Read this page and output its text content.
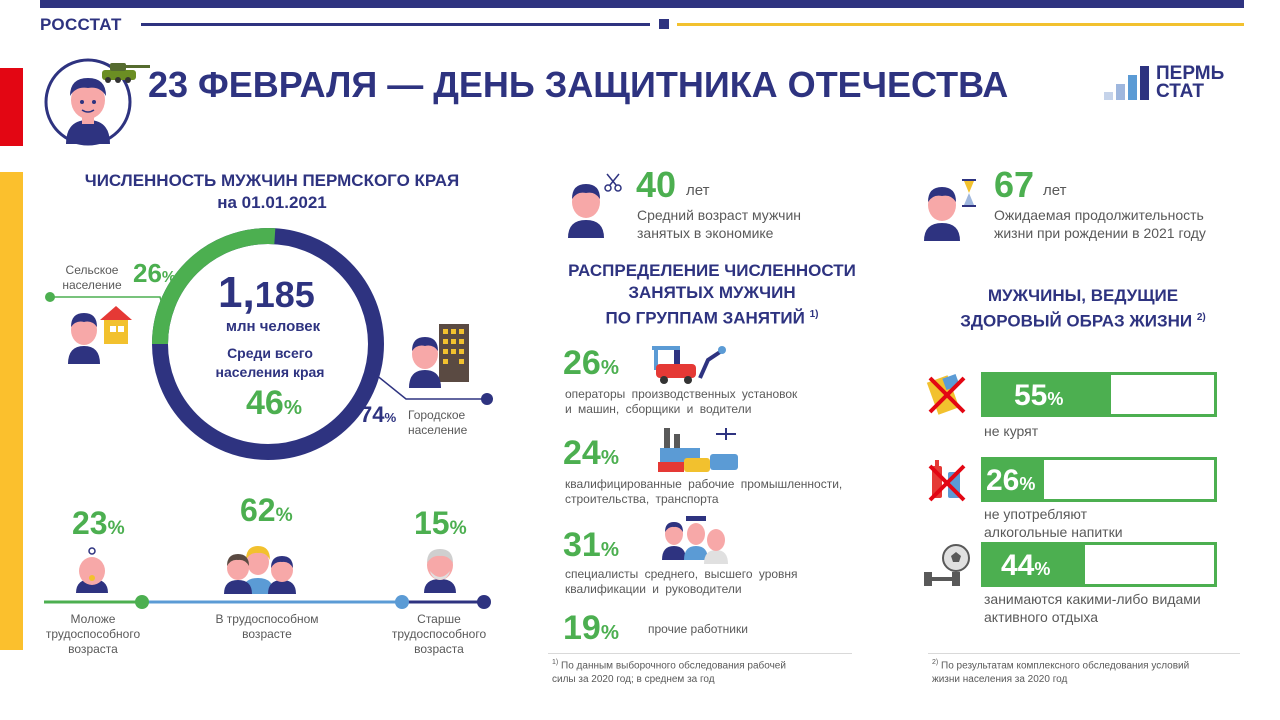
РОССТАТ
23 ФЕВРАЛЯ — ДЕНЬ ЗАЩИТНИКА ОТЕЧЕСТВА	ПЕРМЬ
СТАТ
ЧИСЛЕННОСТЬ МУЖЧИН ПЕРМСКОГО КРАЯ
на 01.01.2021
1,185
млн человек
Среди всего
населения края
46%
Сельское
население 26%
74% Городское
население
23%
62%	15%
Моложе
трудоспособного
возраста
В трудоспособном
возрасте
Старше
трудоспособного
возраста
40 лет
Средний возраст мужчин
занятых в экономике
67 лет
Ожидаемая продолжительность
жизни при рождении в 2021 году
РАСПРЕДЕЛЕНИЕ ЧИСЛЕННОСТИ
ЗАНЯТЫХ МУЖЧИН
ПО ГРУППАМ ЗАНЯТИЙ $^{1)}$
26%
операторы производственных установок
и машин, сборщики и водители
24%
квалифицированные рабочие промышленности,
строительства, транспорта
31%
специалисты среднего, высшего уровня
квалификации и руководители
19% прочие работники
$^{1)}$ По данным выборочного обследования рабочей
силы за 2020 год; в среднем за год
МУЖЧИНЫ, ВЕДУЩИЕ
ЗДОРОВЫЙ ОБРАЗ ЖИЗНИ $^{2)}$
55%
не курят
26%
не употребляют
алкогольные напитки
44%
занимаются какими-либо видами
активного отдыха
$^{2)}$ По результатам комплексного обследования условий
жизни населения за 2020 год
